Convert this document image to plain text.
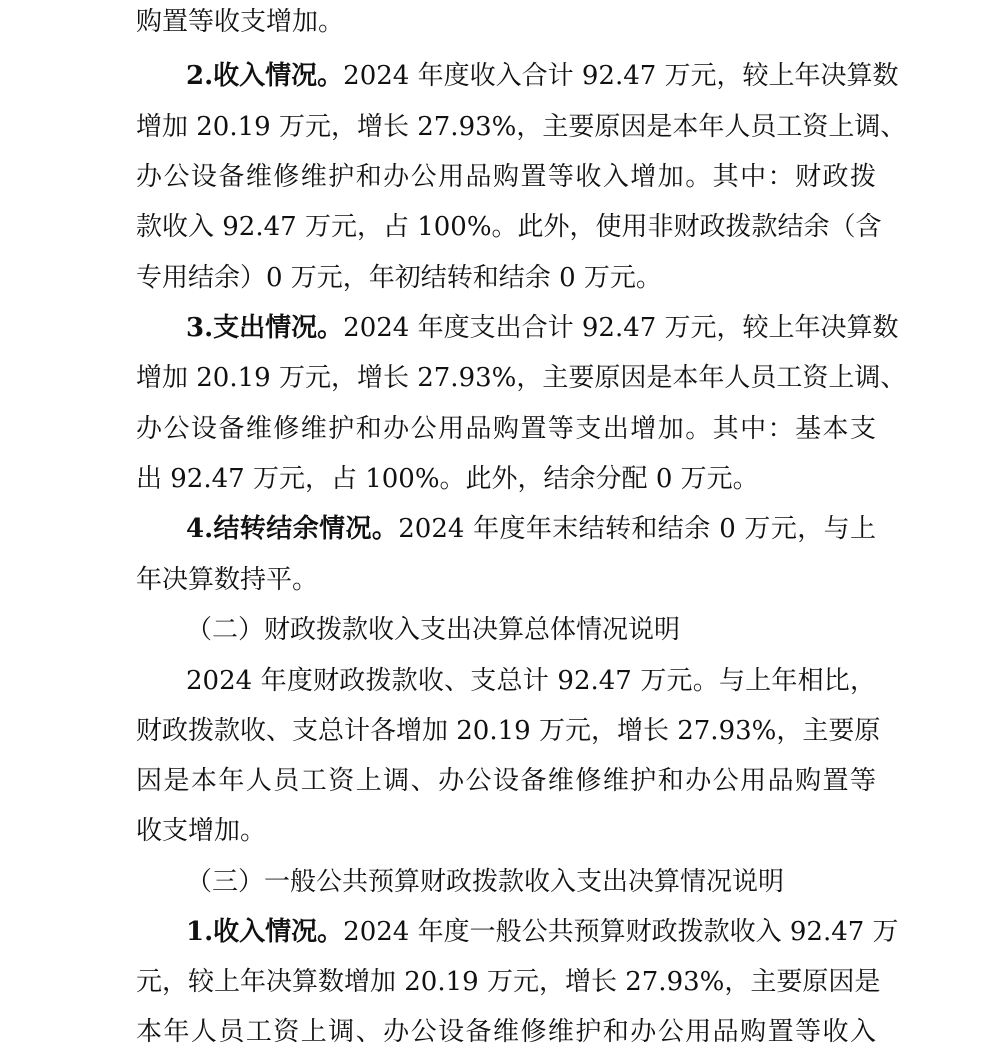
购置等收支增加。
2.收入情况。2024 年度收入合计 92.47 万元，较上年决算数
增加 20.19 万元，增长 27.93%，主要原因是本年人员工资上调、
办公设备维修维护和办公用品购置等收入增加。其中：财政拨
款收入 92.47 万元，占 100%。此外，使用非财政拨款结余（含
专用结余）0 万元，年初结转和结余 0 万元。
3.支出情况。2024 年度支出合计 92.47 万元，较上年决算数
增加 20.19 万元，增长 27.93%，主要原因是本年人员工资上调、
办公设备维修维护和办公用品购置等支出增加。其中：基本支
出 92.47 万元，占 100%。此外，结余分配 0 万元。
4.结转结余情况。2024 年度年末结转和结余 0 万元，与上
年决算数持平。
（二）财政拨款收入支出决算总体情况说明
2024 年度财政拨款收、支总计 92.47 万元。与上年相比，
财政拨款收、支总计各增加 20.19 万元，增长 27.93%，主要原
因是本年人员工资上调、办公设备维修维护和办公用品购置等
收支增加。
（三）一般公共预算财政拨款收入支出决算情况说明
1.收入情况。2024 年度一般公共预算财政拨款收入 92.47 万
元，较上年决算数增加 20.19 万元，增长 27.93%，主要原因是
本年人员工资上调、办公设备维修维护和办公用品购置等收入
